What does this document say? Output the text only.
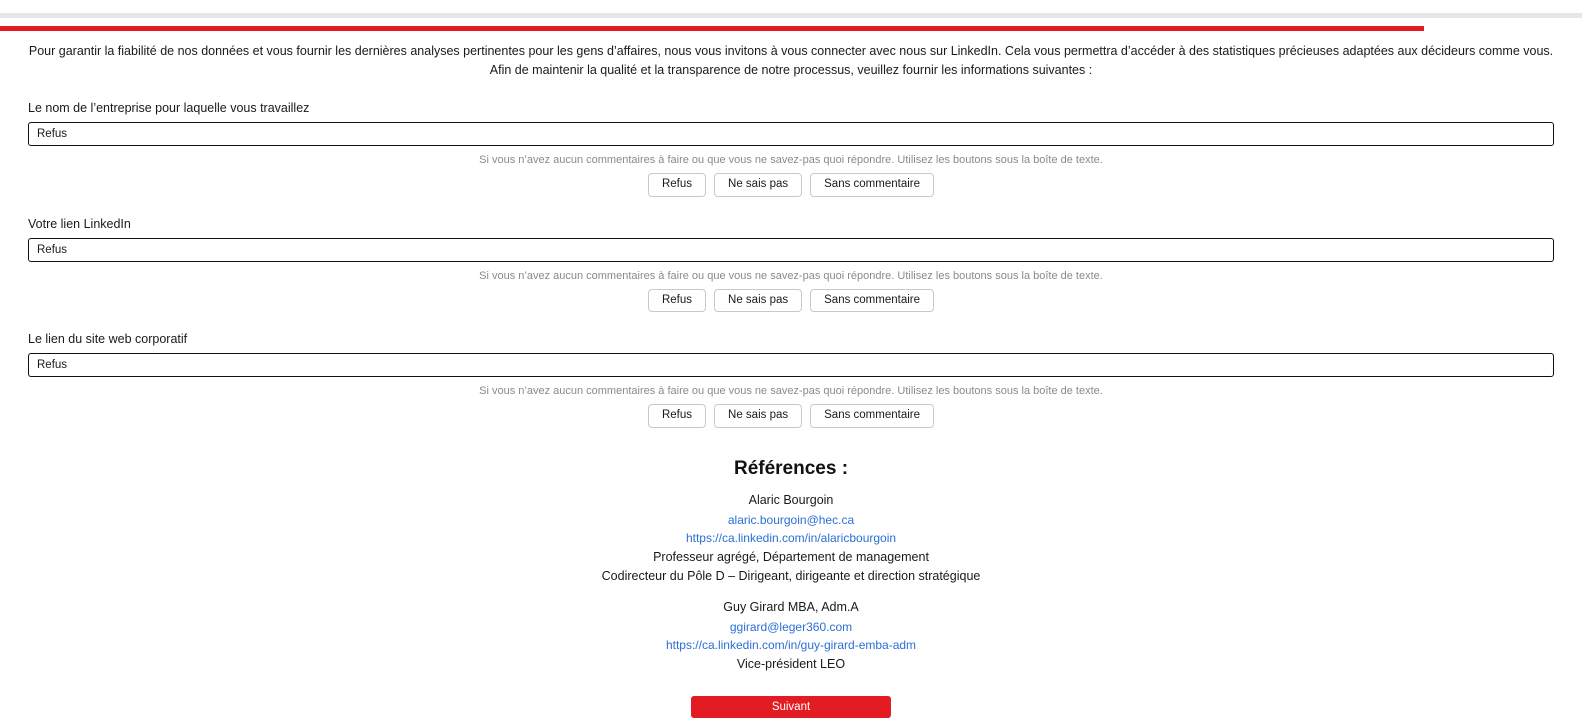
Pour garantir la fiabilité de nos données et vous fournir les dernières analyses pertinentes pour les gens d’affaires, nous vous invitons à vous connecter avec nous sur LinkedIn. Cela vous permettra d’accéder à des statistiques précieuses adaptées aux décideurs comme vous. Afin de maintenir la qualité et la transparence de notre processus, veuillez fournir les informations suivantes :

Le nom de l’entreprise pour laquelle vous travaillez
Refus
Si vous n’avez aucun commentaires à faire ou que vous ne savez-pas quoi répondre. Utilisez les boutons sous la boîte de texte.
Refus	Ne sais pas	Sans commentaire
Votre lien LinkedIn
Refus
Si vous n’avez aucun commentaires à faire ou que vous ne savez-pas quoi répondre. Utilisez les boutons sous la boîte de texte.
Refus	Ne sais pas	Sans commentaire
Le lien du site web corporatif
Refus
Si vous n’avez aucun commentaires à faire ou que vous ne savez-pas quoi répondre. Utilisez les boutons sous la boîte de texte.
Refus	Ne sais pas	Sans commentaire
Références :
Alaric Bourgoin
alaric.bourgoin@hec.ca
https://ca.linkedin.com/in/alaricbourgoin
Professeur agrégé, Département de management
Codirecteur du Pôle D – Dirigeant, dirigeante et direction stratégique
Guy Girard MBA, Adm.A
ggirard@leger360.com
https://ca.linkedin.com/in/guy-girard-emba-adm
Vice-président LEO
Suivant
